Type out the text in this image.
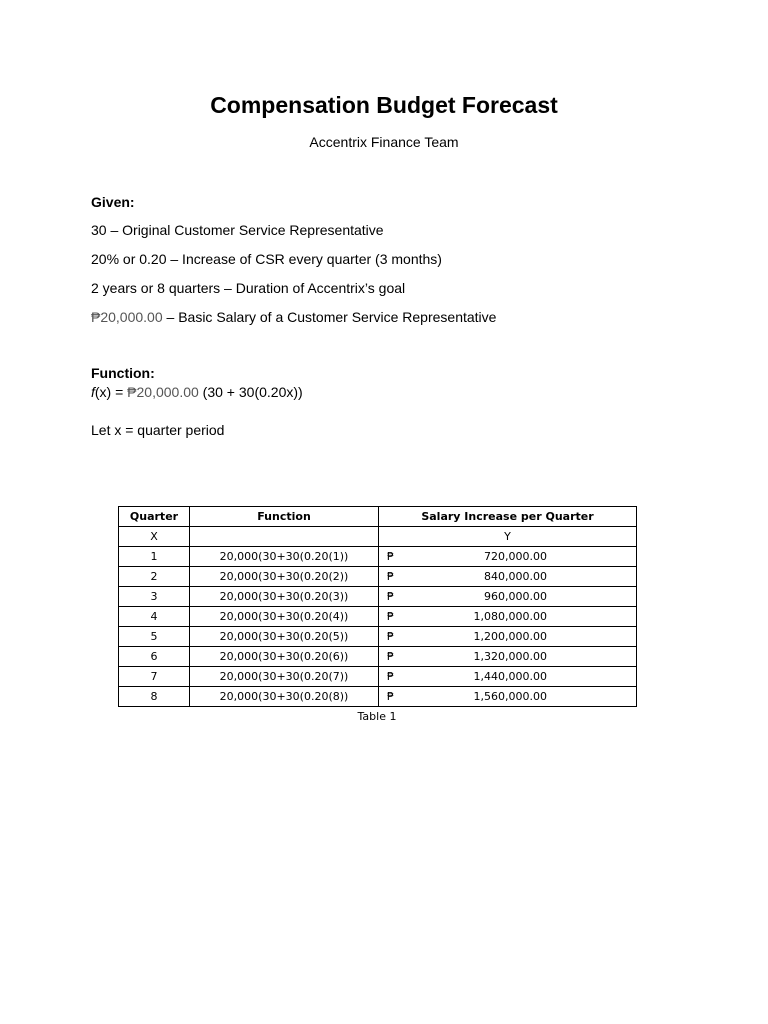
Compensation Budget Forecast
Accentrix Finance Team
Given:
30 – Original Customer Service Representative
20% or 0.20 – Increase of CSR every quarter (3 months)
2 years or 8 quarters – Duration of Accentrix’s goal
₱20,000.00 – Basic Salary of a Customer Service Representative
Function:
f(x) = ₱20,000.00 (30 + 30(0.20x))
Let x = quarter period
Quarter	Function	Salary Increase per Quarter
X		Y
1	20,000(30+30(0.20(1))	₱ 720,000.00
2	20,000(30+30(0.20(2))	₱ 840,000.00
3	20,000(30+30(0.20(3))	₱ 960,000.00
4	20,000(30+30(0.20(4))	₱ 1,080,000.00
5	20,000(30+30(0.20(5))	₱ 1,200,000.00
6	20,000(30+30(0.20(6))	₱ 1,320,000.00
7	20,000(30+30(0.20(7))	₱ 1,440,000.00
8	20,000(30+30(0.20(8))	₱ 1,560,000.00
Table 1
